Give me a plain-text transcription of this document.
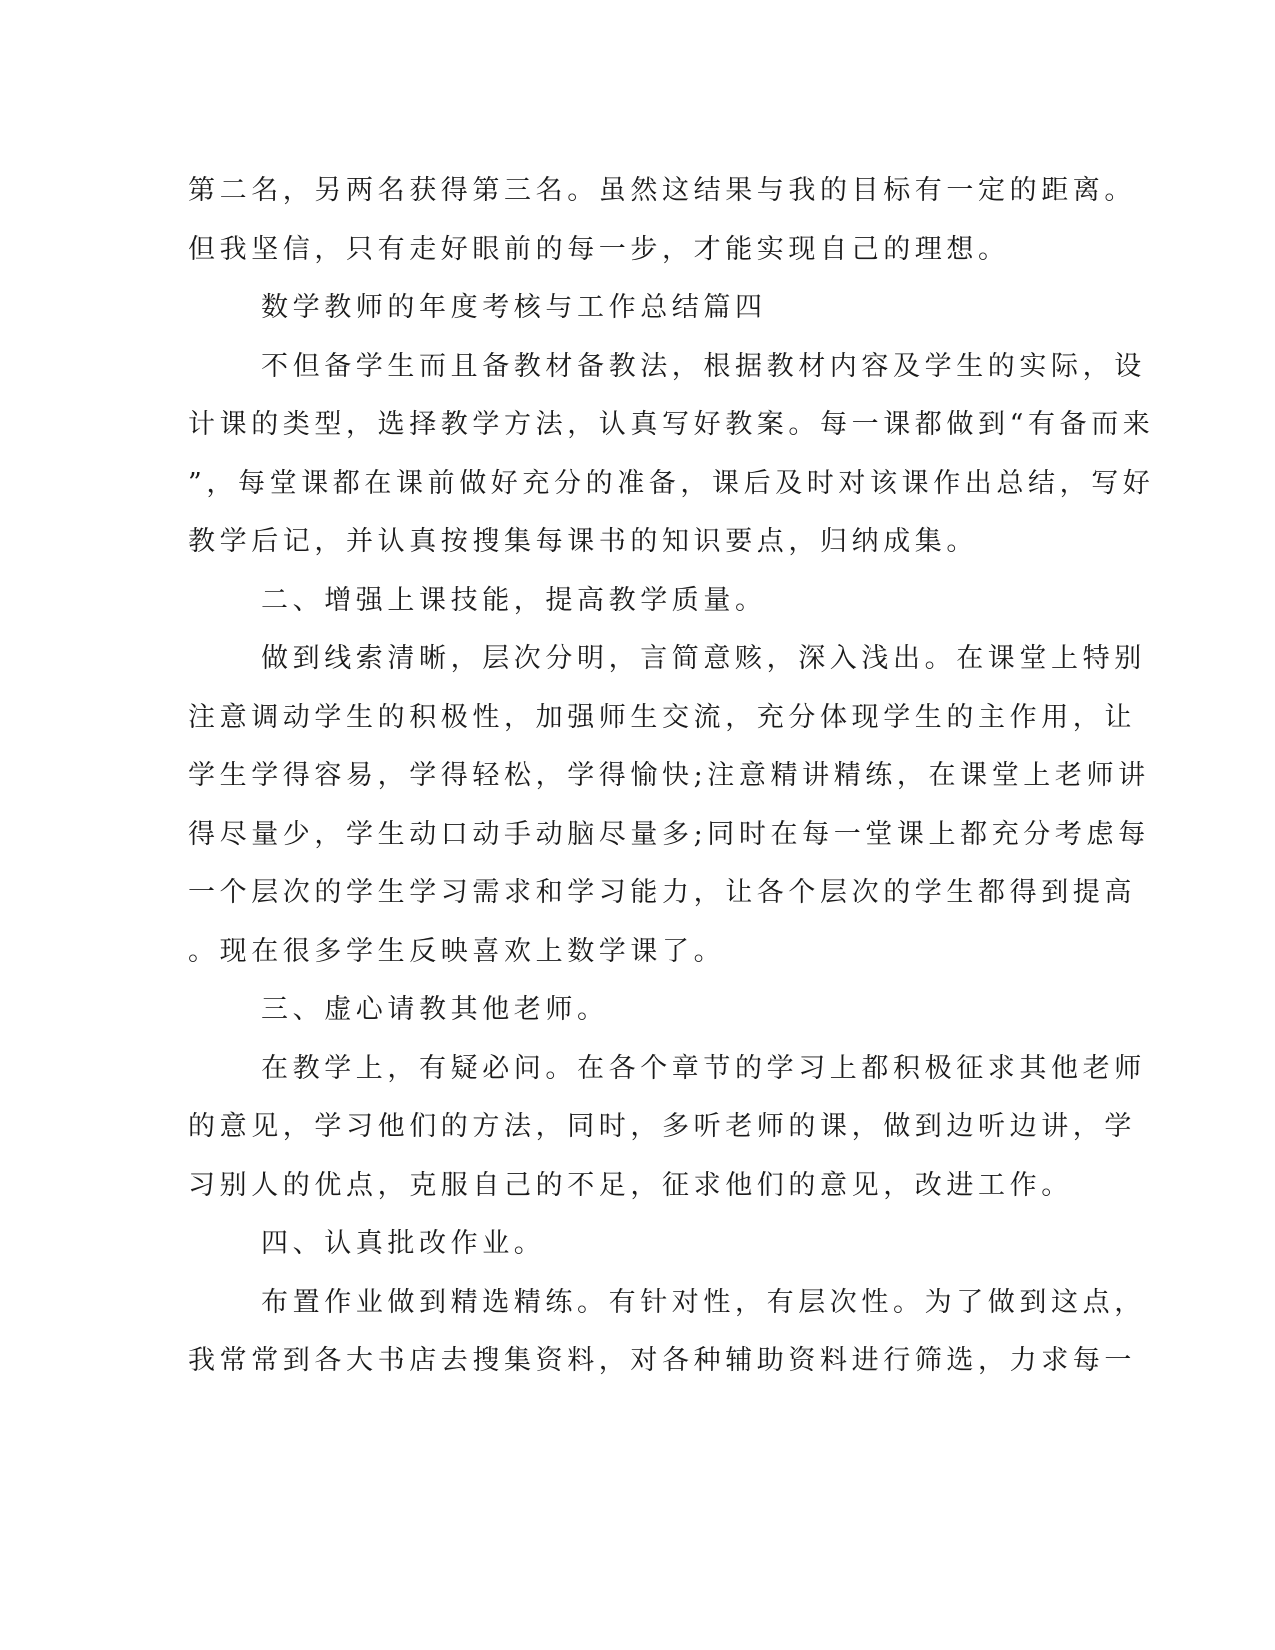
第二名，另两名获得第三名。虽然这结果与我的目标有一定的距离。
但我坚信，只有走好眼前的每一步，才能实现自己的理想。
数学教师的年度考核与工作总结篇四
不但备学生而且备教材备教法，根据教材内容及学生的实际，设
计课的类型，选择教学方法，认真写好教案。每一课都做到“有备而来
”，每堂课都在课前做好充分的准备，课后及时对该课作出总结，写好
教学后记，并认真按搜集每课书的知识要点，归纳成集。
二、增强上课技能，提高教学质量。
做到线索清晰，层次分明，言简意赅，深入浅出。在课堂上特别
注意调动学生的积极性，加强师生交流，充分体现学生的主作用，让
学生学得容易，学得轻松，学得愉快;注意精讲精练，在课堂上老师讲
得尽量少，学生动口动手动脑尽量多;同时在每一堂课上都充分考虑每
一个层次的学生学习需求和学习能力，让各个层次的学生都得到提高
。现在很多学生反映喜欢上数学课了。
三、虚心请教其他老师。
在教学上，有疑必问。在各个章节的学习上都积极征求其他老师
的意见，学习他们的方法，同时，多听老师的课，做到边听边讲，学
习别人的优点，克服自己的不足，征求他们的意见，改进工作。
四、认真批改作业。
布置作业做到精选精练。有针对性，有层次性。为了做到这点，
我常常到各大书店去搜集资料，对各种辅助资料进行筛选，力求每一
